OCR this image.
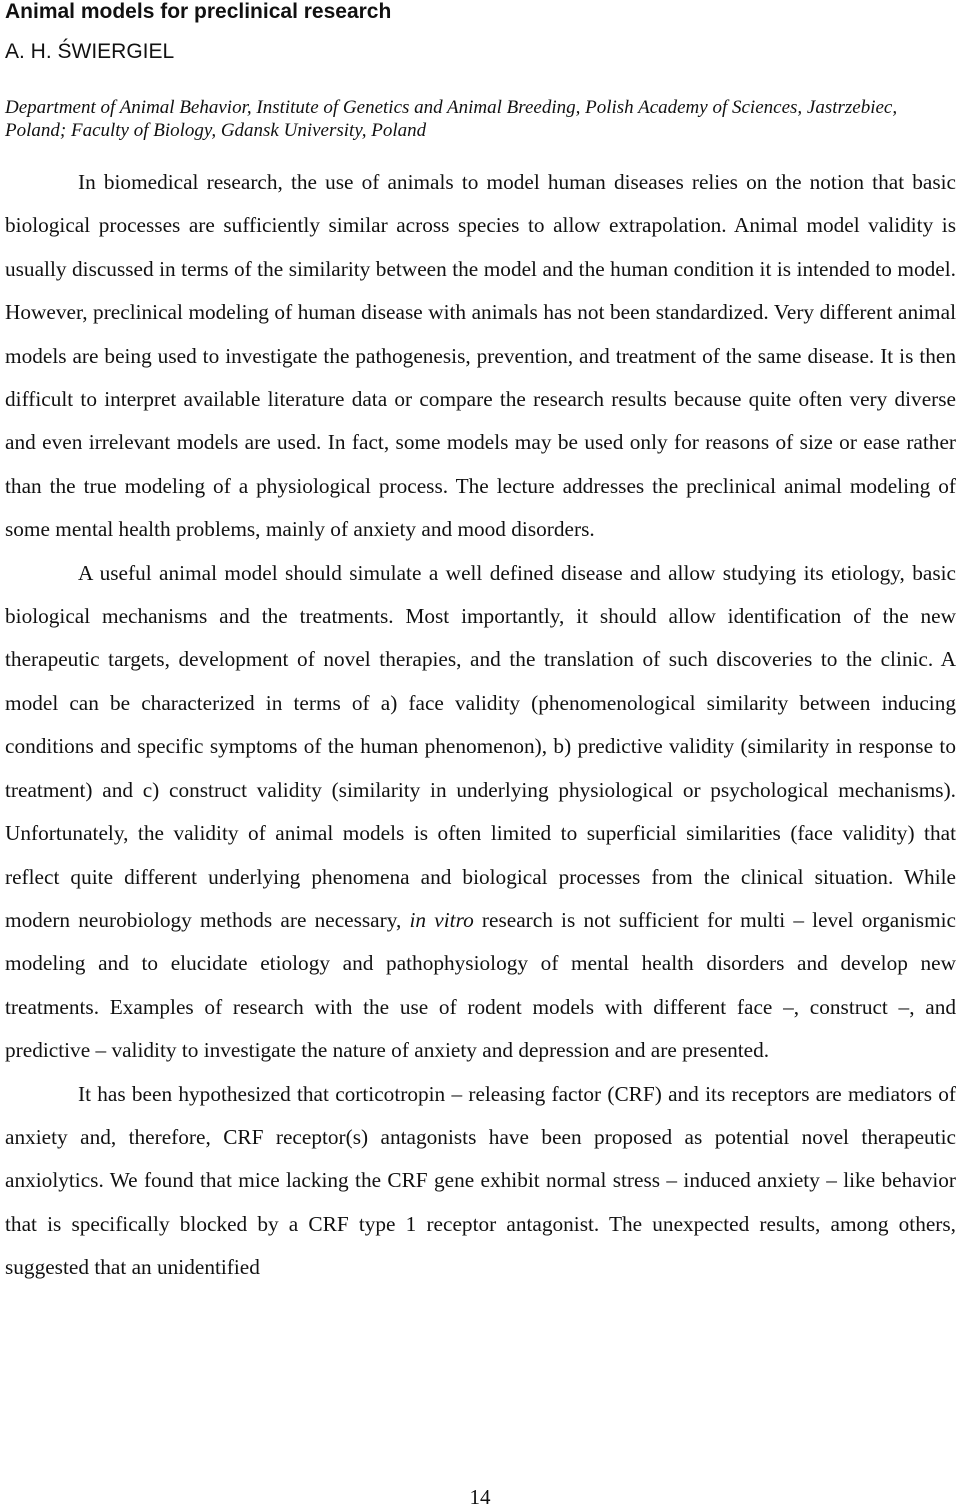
Animal models for preclinical research
A. H. ŚWIERGIEL

Department of Animal Behavior, Institute of Genetics and Animal Breeding, Polish Academy of Sciences, Jastrzebiec, Poland; Faculty of Biology, Gdansk University, Poland

In biomedical research, the use of animals to model human diseases relies on the notion that basic biological processes are sufficiently similar across species to allow extrapolation. Animal model validity is usually discussed in terms of the similarity between the model and the human condition it is intended to model. However, preclinical modeling of human disease with animals has not been standardized. Very different animal models are being used to investigate the pathogenesis, prevention, and treatment of the same disease. It is then difficult to interpret available literature data or compare the research results because quite often very diverse and even irrelevant models are used. In fact, some models may be used only for reasons of size or ease rather than the true modeling of a physiological process. The lecture addresses the preclinical animal modeling of some mental health problems, mainly of anxiety and mood disorders.

A useful animal model should simulate a well defined disease and allow studying its etiology, basic biological mechanisms and the treatments. Most importantly, it should allow identification of the new therapeutic targets, development of novel therapies, and the translation of such discoveries to the clinic. A model can be characterized in terms of a) face validity (phenomenological similarity between inducing conditions and specific symptoms of the human phenomenon), b) predictive validity (similarity in response to treatment) and c) construct validity (similarity in underlying physiological or psychological mechanisms). Unfortunately, the validity of animal models is often limited to superficial similarities (face validity) that reflect quite different underlying phenomena and biological processes from the clinical situation. While modern neurobiology methods are necessary, in vitro research is not sufficient for multi – level organismic modeling and to elucidate etiology and pathophysiology of mental health disorders and develop new treatments. Examples of research with the use of rodent models with different face –, construct –, and predictive – validity to investigate the nature of anxiety and depression and are presented.

It has been hypothesized that corticotropin – releasing factor (CRF) and its receptors are mediators of anxiety and, therefore, CRF receptor(s) antagonists have been proposed as potential novel therapeutic anxiolytics. We found that mice lacking the CRF gene exhibit normal stress – induced anxiety – like behavior that is specifically blocked by a CRF type 1 receptor antagonist. The unexpected results, among others, suggested that an unidentified

14
